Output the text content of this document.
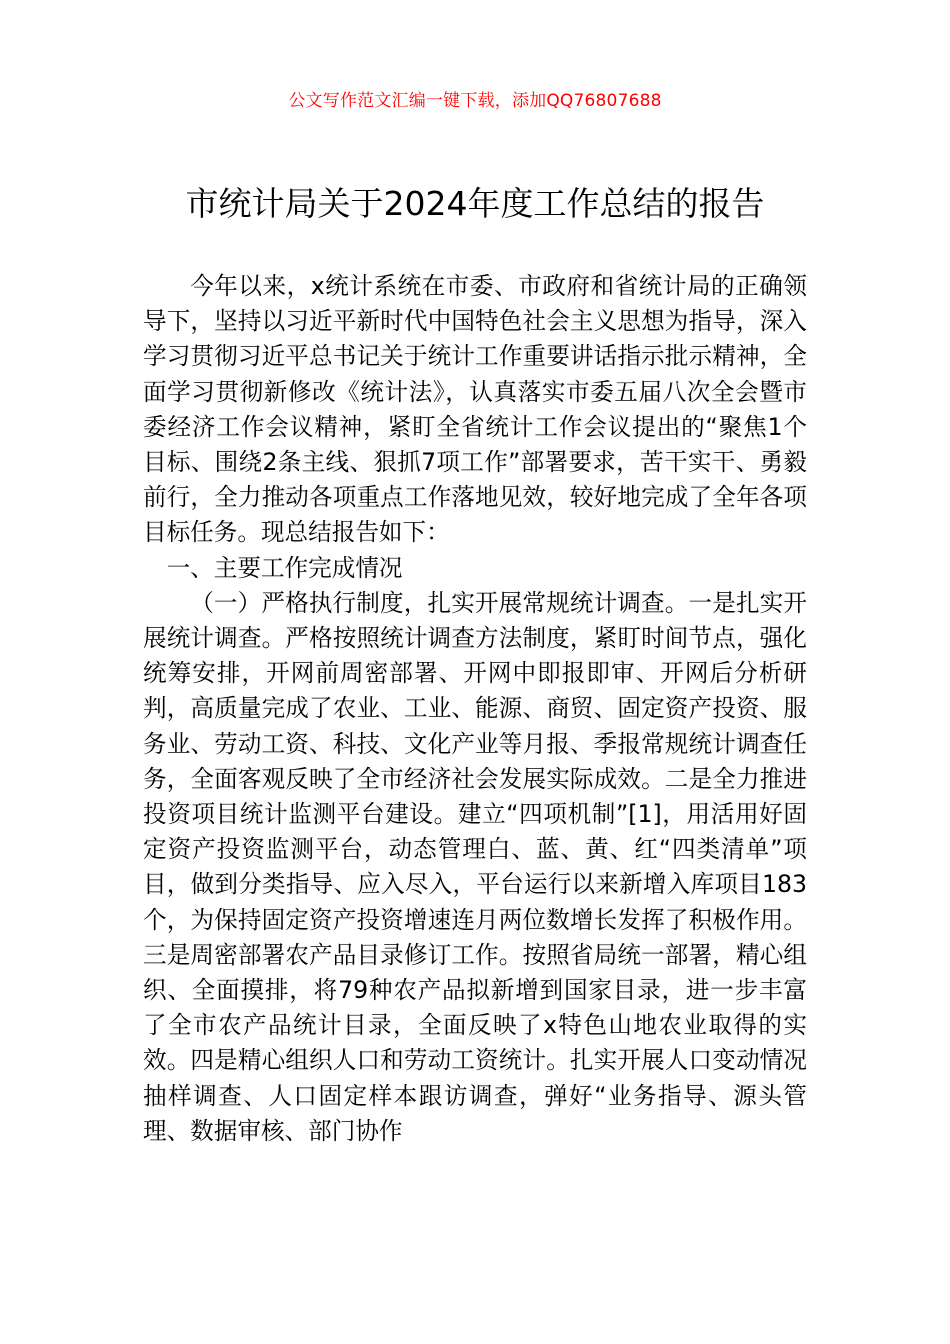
公文写作范文汇编一键下载，添加QQ76807688
市统计局关于2024年度工作总结的报告

今年以来，x统计系统在市委、市政府和省统计局的正确领导下，坚持以习近平新时代中国特色社会主义思想为指导，深入学习贯彻习近平总书记关于统计工作重要讲话指示批示精神，全面学习贯彻新修改《统计法》，认真落实市委五届八次全会暨市委经济工作会议精神，紧盯全省统计工作会议提出的“聚焦1个目标、围绕2条主线、狠抓7项工作”部署要求，苦干实干、勇毅前行，全力推动各项重点工作落地见效，较好地完成了全年各项目标任务。现总结报告如下：

一、主要工作完成情况

（一）严格执行制度，扎实开展常规统计调查。一是扎实开展统计调查。严格按照统计调查方法制度，紧盯时间节点，强化统筹安排，开网前周密部署、开网中即报即审、开网后分析研判，高质量完成了农业、工业、能源、商贸、固定资产投资、服务业、劳动工资、科技、文化产业等月报、季报常规统计调查任务，全面客观反映了全市经济社会发展实际成效。二是全力推进投资项目统计监测平台建设。建立“四项机制”[1]，用活用好固定资产投资监测平台，动态管理白、蓝、黄、红“四类清单”项目，做到分类指导、应入尽入，平台运行以来新增入库项目183个，为保持固定资产投资增速连月两位数增长发挥了积极作用。三是周密部署农产品目录修订工作。按照省局统一部署，精心组织、全面摸排，将79种农产品拟新增到国家目录，进一步丰富了全市农产品统计目录，全面反映了x特色山地农业取得的实效。四是精心组织人口和劳动工资统计。扎实开展人口变动情况抽样调查、人口固定样本跟访调查，弹好“业务指导、源头管理、数据审核、部门协作
